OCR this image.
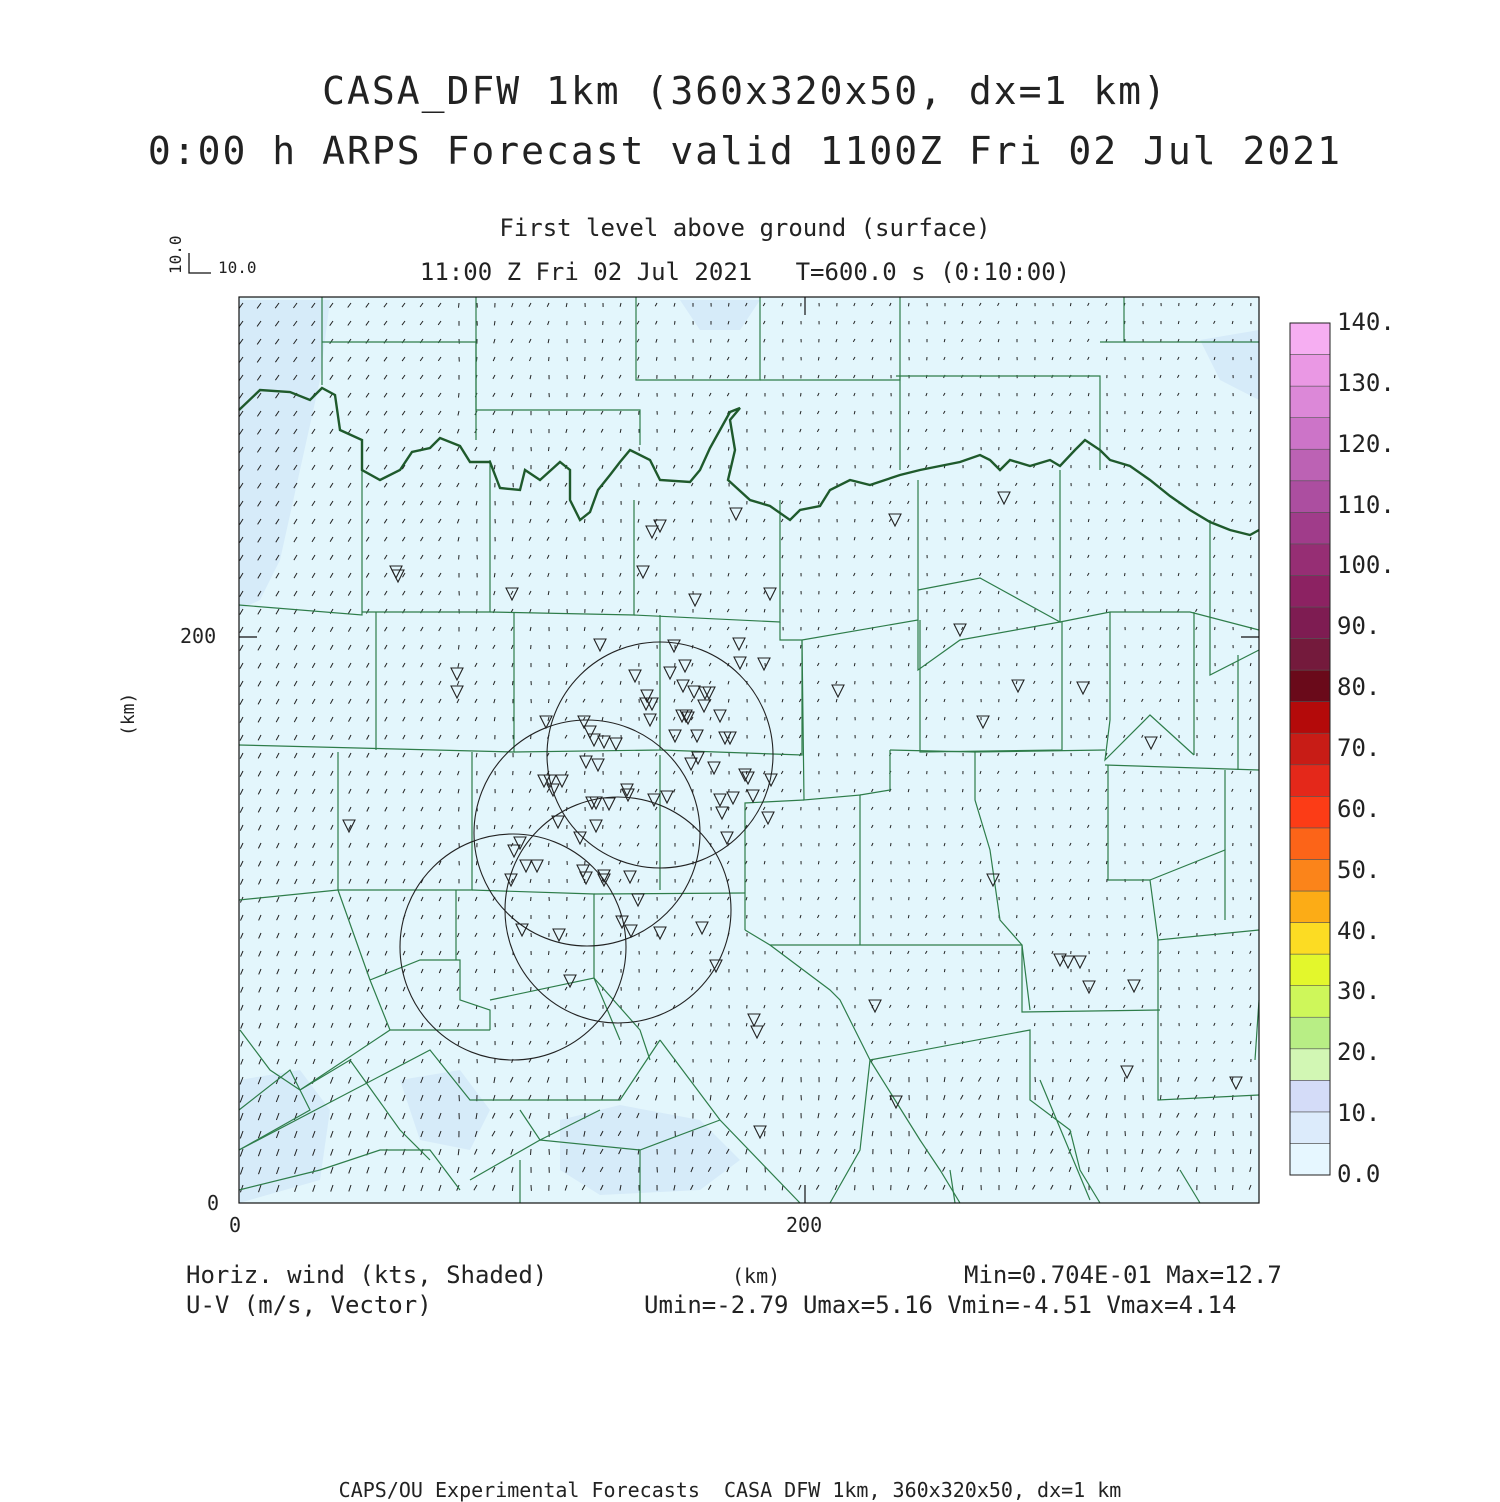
CASA_DFW 1km (360x320x50, dx=1 km)
0:00 h ARPS Forecast valid 1100Z Fri 02 Jul 2021
First level above ground (surface)
11:00 Z Fri 02 Jul 2021   T=600.0 s (0:10:00)
10.0 10.0
(km)
200
0
0	200
(km)
0.0
10.
20.
30.
40.
50.
60.
70.
80.
90.
100.
110.
120.
130.
140.
Horiz. wind (kts, Shaded)
U-V (m/s, Vector)
Min=0.704E-01 Max=12.7
Umin=-2.79 Umax=5.16 Vmin=-4.51 Vmax=4.14
CAPS/OU Experimental Forecasts  CASA DFW 1km, 360x320x50, dx=1 km
